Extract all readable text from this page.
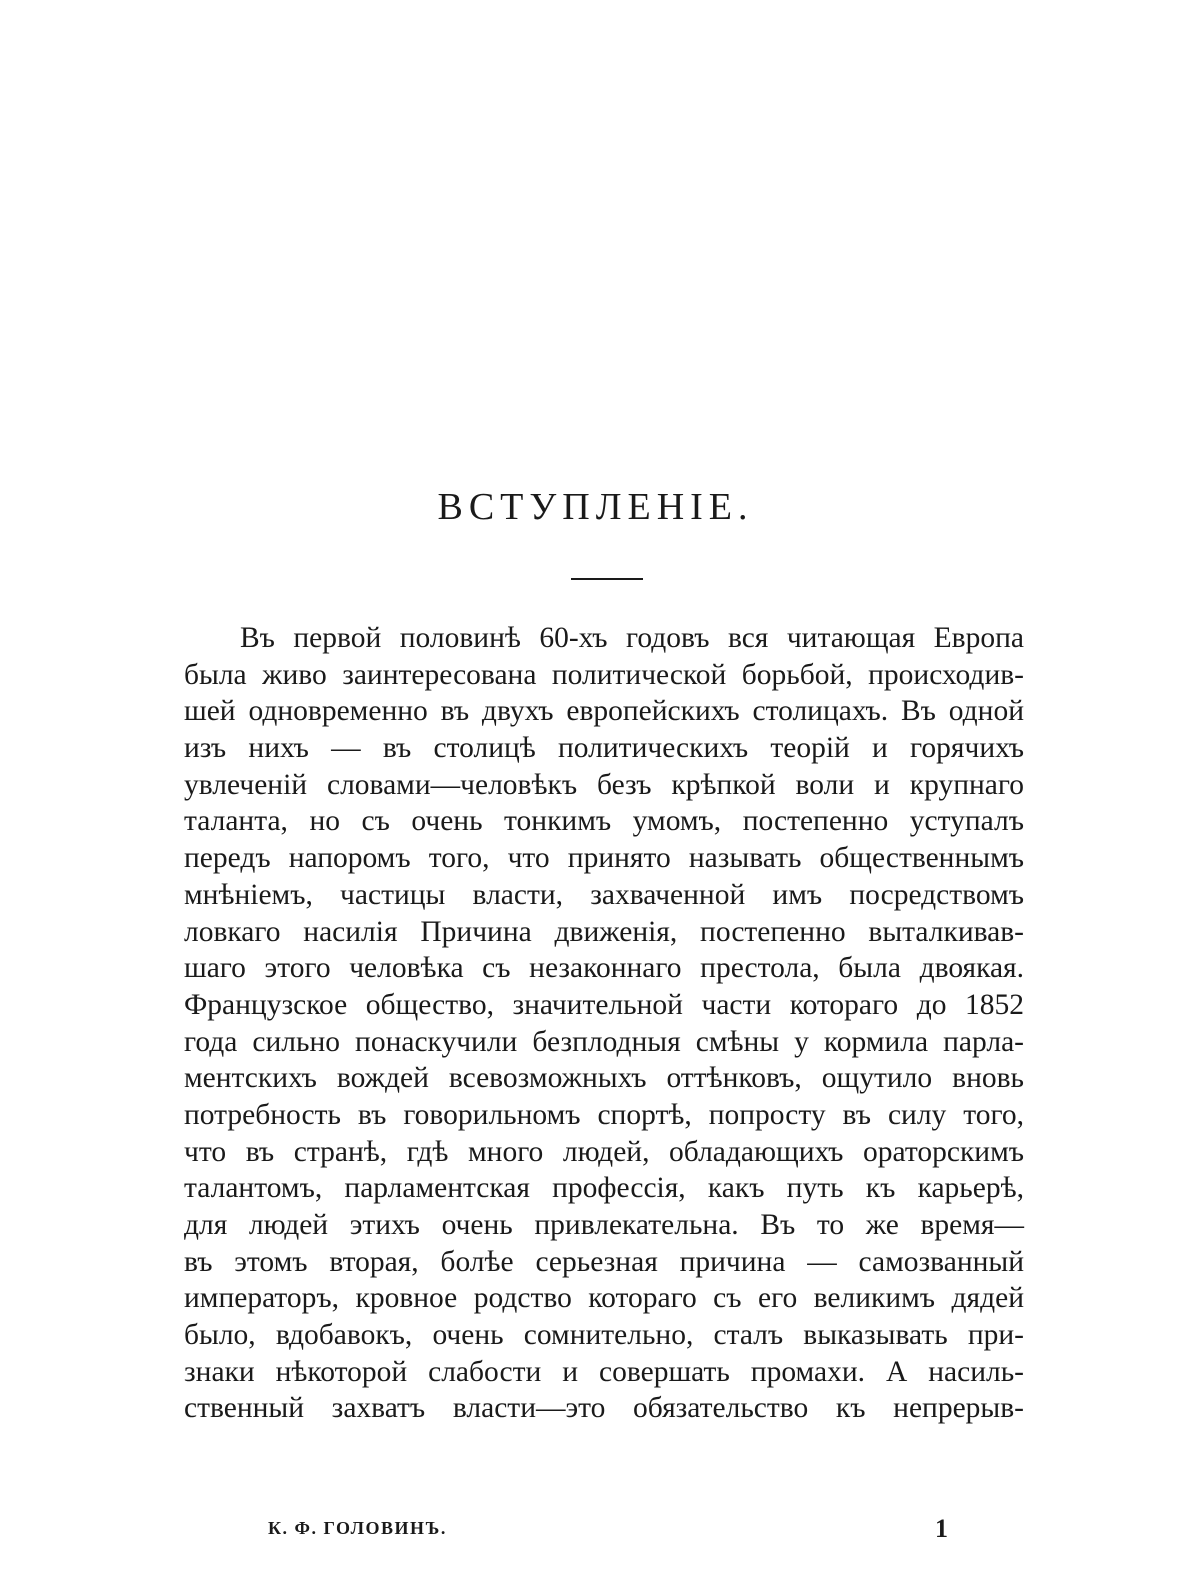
ВСТУПЛЕНIЕ.
Въ первой половинѣ 60-хъ годовъ вся читающая Европа
была живо заинтересована политической борьбой, происходив-
шей одновременно въ двухъ европейскихъ столицахъ. Въ одной
изъ нихъ — въ столицѣ политическихъ теорій и горячихъ
увлеченій словами—человѣкъ безъ крѣпкой воли и крупнаго
таланта, но съ очень тонкимъ умомъ, постепенно уступалъ
передъ напоромъ того, что принято называть общественнымъ
мнѣніемъ, частицы власти, захваченной имъ посредствомъ
ловкаго насилія Причина движенія, постепенно выталкивав-
шаго этого человѣка съ незаконнаго престола, была двоякая.
Французское общество, значительной части котораго до 1852
года сильно понаскучили безплодныя смѣны у кормила парла-
ментскихъ вождей всевозможныхъ оттѣнковъ, ощутило вновь
потребность въ говорильномъ спортѣ, попросту въ силу того,
что въ странѣ, гдѣ много людей, обладающихъ ораторскимъ
талантомъ, парламентская профессія, какъ путь къ карьерѣ,
для людей этихъ очень привлекательна. Въ то же время—
въ этомъ вторая, болѣе серьезная причина — самозванный
императоръ, кровное родство котораго съ его великимъ дядей
было, вдобавокъ, очень сомнительно, сталъ выказывать при-
знаки нѣкоторой слабости и совершать промахи. А насиль-
ственный захватъ власти—это обязательство къ непрерыв-
К. Ф. ГОЛОВИНЪ.	1
